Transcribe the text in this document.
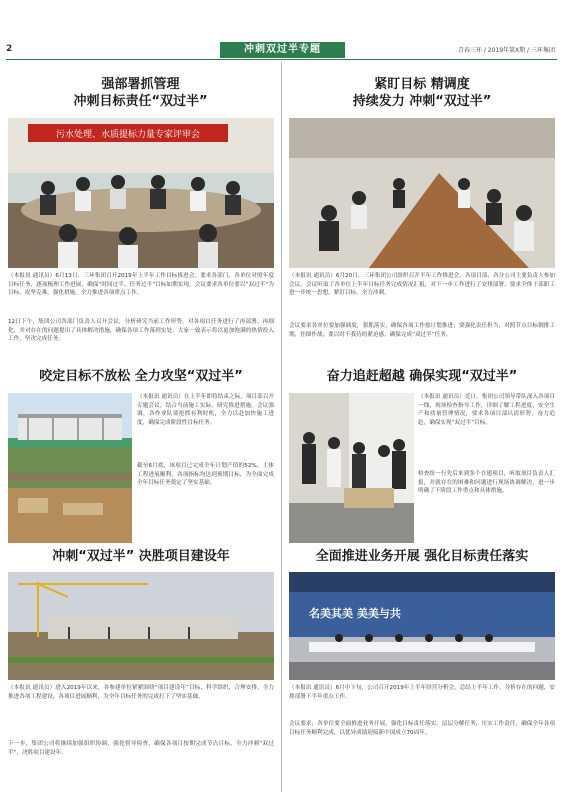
2	冲刺双过半专题	青春三环 / 2019年第X期 / 三环集团
强部署抓管理
冲刺目标责任“双过半”
污水处理、水质提标力量专家评审会
（本报讯 通讯员）6月13日，三环集团召开2019年上半年工作目标推进会，要求各部门、各单位对照年度目标任务，逐项梳理工作进展，确保“时间过半、任务过半”目标如期实现。会议要求各单位要以“双过半”为目标，攻坚克难，强化措施，全力推进各项重点工作。
12日下午，集团公司各部门负责人召开会议，分析研究当前工作形势，对各项目任务进行了再部署、再细化，并对存在的问题提出了具体解决措施，确保各项工作落到实处。大家一致表示将以更加饱满的热情投入工作，坚决完成任务。
紧盯目标 精调度
持续发力 冲刺“双过半”
（本报讯 通讯员）6月20日，三环集团公司组织召开半年工作推进会，各项目部、各分公司主要负责人参加会议。会议听取了各单位上半年目标任务完成情况汇报，对下一步工作进行了安排部署，要求全体干部职工进一步统一思想，紧盯目标，全力冲刺。
会议要求各单位要加强调度，狠抓落实，确保各项工作按计划推进；要强化责任担当，对照节点目标倒排工期，挂图作战；要以时不我待的紧迫感，确保完成“双过半”任务。
咬定目标不放松 全力攻坚“双过半”
（本报讯 通讯员）在上半年即将结束之际，项目部召开专题会议，结合当前施工实际，研究推进措施。会议强调，各作业队要抢抓有利时机，全力以赴加快施工进度，确保完成阶段性目标任务。
截至6月底，该项目已完成全年计划产值的52%，主体工程进展顺利，各项指标均达到预期目标，为全面完成全年目标任务奠定了坚实基础。
奋力追赶超越 确保实现“双过半”
（本报讯 通讯员）近日，集团公司领导带队深入各项目一线，现场检查指导工作，详细了解工程进度、安全生产和质量管理情况，要求各项目部认清形势，奋力追赶，确保实现“双过半”目标。
检查组一行先后来到多个在建项目，听取项目负责人汇报，并就存在的困难和问题进行现场协调解决，进一步明确了下阶段工作重点和具体措施。
冲刺“双过半” 决胜项目建设年
（本报讯 通讯员）进入2019年以来，各参建单位紧紧围绕“项目建设年”目标，科学组织，合理安排，全力推进各项工程建设，各项目进展顺利，为全年目标任务的完成打下了坚实基础。
下一步，集团公司将继续加强组织协调，强化督导检查，确保各项目按期完成节点目标，全力冲刺“双过半”，决胜项目建设年。
全面推进业务开展 强化目标责任落实
名美其美 美美与共
（本报讯 通讯员）6月中下旬，公司召开2019年上半年经营分析会，总结上半年工作，分析存在的问题，安排部署下半年重点工作。
会议要求，各单位要全面推进业务开展，强化目标责任落实，层层分解任务，压实工作责任，确保全年各项目标任务顺利完成，以优异成绩迎接新中国成立70周年。
